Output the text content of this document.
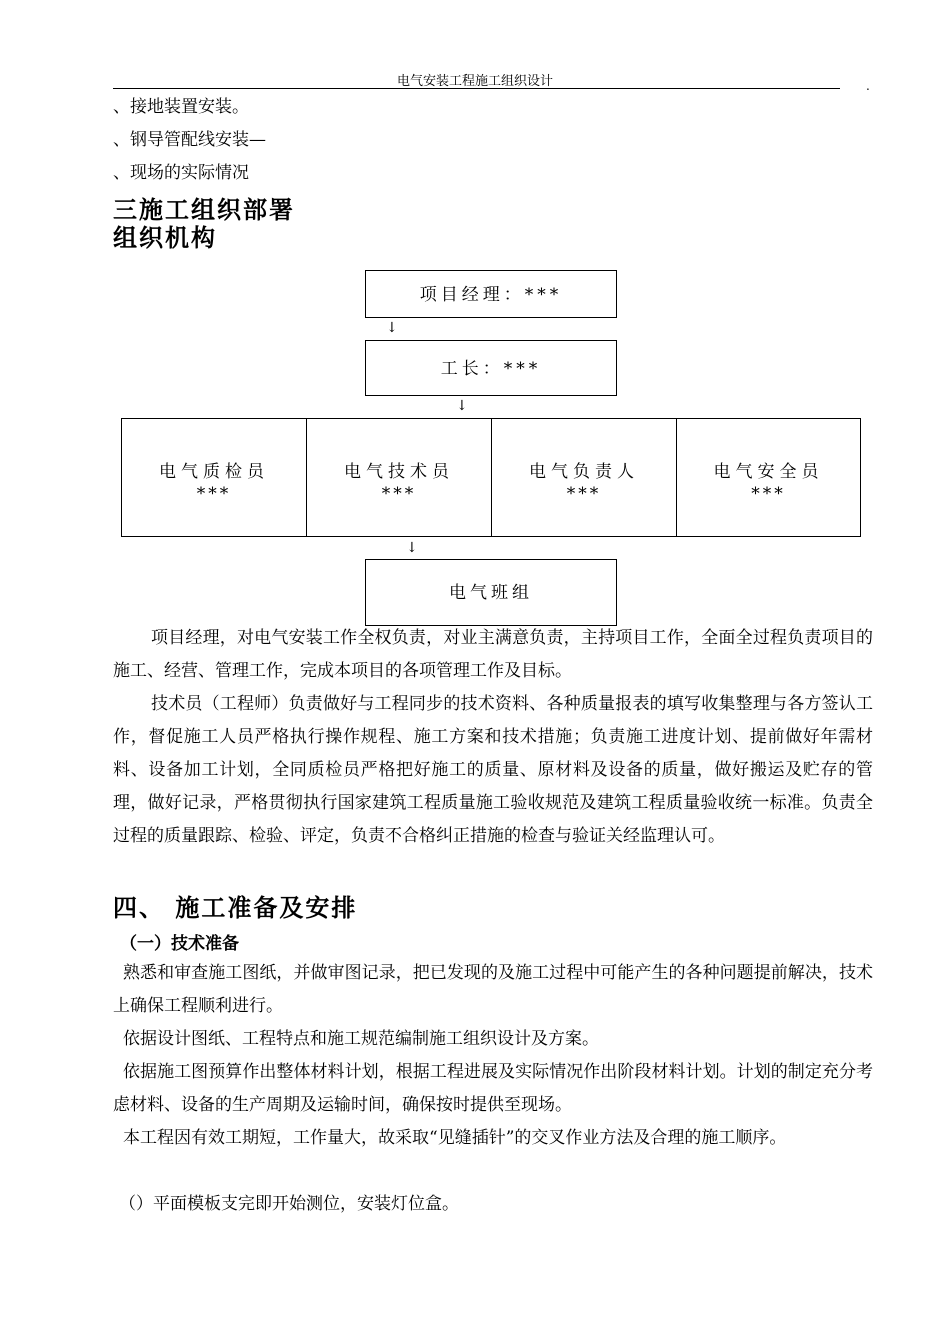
电气安装工程施工组织设计	.
、接地装置安装。
、钢导管配线安装—
、现场的实际情况
三施工组织部署
组织机构
项目经理：***
↓
工长：***
↓
电气质检员
***
电气技术员
***
电气负责人
***
电气安全员
***
↓
电气班组
项目经理，对电气安装工作全权负责，对业主满意负责，主持项目工作，全面全过程负责项目的施工、经营、管理工作，完成本项目的各项管理工作及目标。
技术员（工程师）负责做好与工程同步的技术资料、各种质量报表的填写收集整理与各方签认工作，督促施工人员严格执行操作规程、施工方案和技术措施；负责施工进度计划、提前做好年需材料、设备加工计划，全同质检员严格把好施工的质量、原材料及设备的质量，做好搬运及贮存的管理，做好记录，严格贯彻执行国家建筑工程质量施工验收规范及建筑工程质量验收统一标准。负责全过程的质量跟踪、检验、评定，负责不合格纠正措施的检查与验证关经监理认可。
四、 施工准备及安排
（一）技术准备
熟悉和审查施工图纸，并做审图记录，把已发现的及施工过程中可能产生的各种问题提前解决，技术上确保工程顺利进行。
依据设计图纸、工程特点和施工规范编制施工组织设计及方案。
依据施工图预算作出整体材料计划，根据工程进展及实际情况作出阶段材料计划。计划的制定充分考虑材料、设备的生产周期及运输时间，确保按时提供至现场。
本工程因有效工期短，工作量大，故采取“见缝插针”的交叉作业方法及合理的施工顺序。
（）平面模板支完即开始测位，安装灯位盒。
